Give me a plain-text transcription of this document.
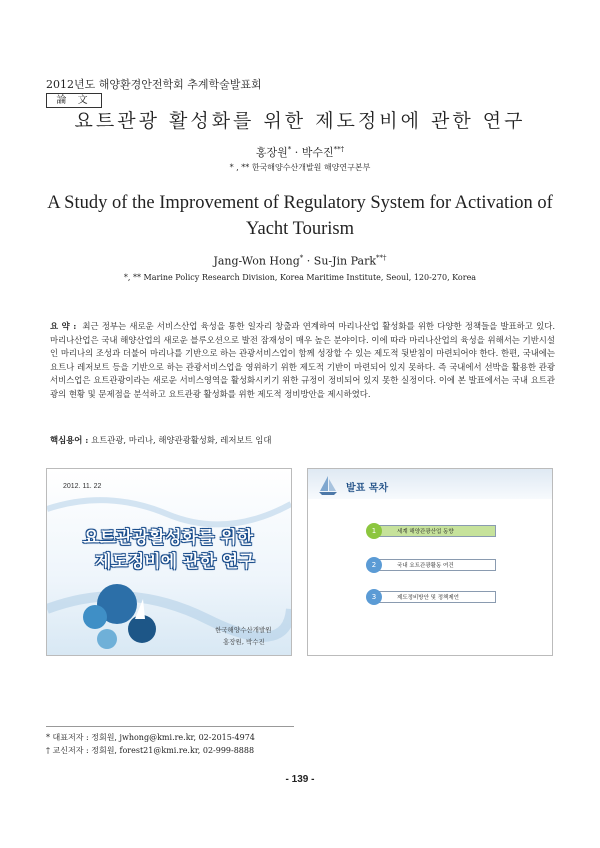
2012년도 해양환경안전학회 추계학술발표회
論 文
요트관광 활성화를 위한 제도정비에 관한 연구
홍장원* · 박수진**†
* , ** 한국해양수산개발원 해양연구본부
A Study of the Improvement of Regulatory System for Activation of Yacht Tourism
Jang-Won Hong* · Su-Jin Park**†
*, ** Marine Policy Research Division, Korea Maritime Institute, Seoul, 120-270, Korea
요 약 : 최근 정부는 새로운 서비스산업 육성을 통한 일자리 창출과 연계하여 마리나산업 활성화를 위한 다양한 정책들을 발표하고 있다. 마리나산업은 국내 해양산업의 새로운 블루오션으로 발전 잠재성이 매우 높은 분야이다. 이에 따라 마리나산업의 육성을 위해서는 기반시설인 마리나의 조성과 더불어 마리나를 기반으로 하는 관광서비스업이 함께 성장할 수 있는 제도적 뒷받침이 마련되어야 한다. 한편, 국내에는 요트나 레저보트 등을 기반으로 하는 관광서비스업을 영위하기 위한 제도적 기반이 마련되어 있지 못하다. 즉 국내에서 선박을 활용한 관광서비스업은 요트관광이라는 새로운 서비스영역을 활성화시키기 위한 규정이 정비되어 있지 못한 실정이다. 이에 본 발표에서는 국내 요트관광의 현황 및 문제점을 분석하고 요트관광 활성화를 위한 제도적 정비방안을 제시하였다.
핵심용어 : 요트관광, 마리나, 해양관광활성화, 레저보트 임대
2012. 11. 22
요트관광활성화를 위한
제도정비에 관한 연구
한국해양수산개발원
홍장원, 박수진
발표 목차
세계 해양관광산업 동향
1
국내 요트관광활동 여건
2
제도정비방안 및 정책제언
3
* 대표저자 : 정회원, jwhong@kmi.re.kr, 02-2015-4974
† 교신저자 : 정회원, forest21@kmi.re.kr, 02-999-8888
- 139 -
